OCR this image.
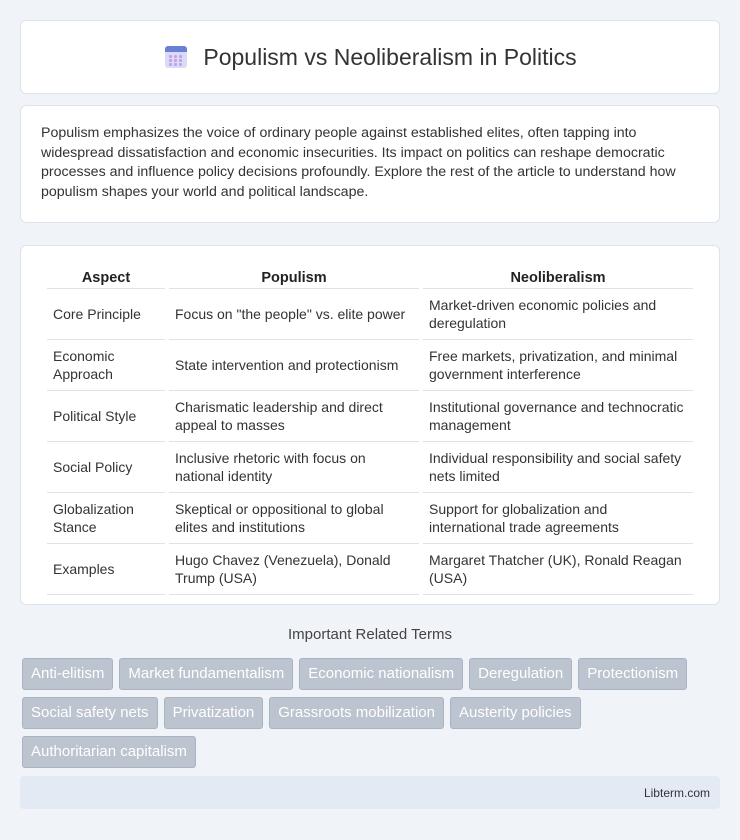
Populism vs Neoliberalism in Politics

Populism emphasizes the voice of ordinary people against established elites, often tapping into widespread dissatisfaction and economic insecurities. Its impact on politics can reshape democratic processes and influence policy decisions profoundly. Explore the rest of the article to understand how populism shapes your world and political landscape.

Aspect	Populism	Neoliberalism
Core Principle	Focus on "the people" vs. elite power	Market-driven economic policies and deregulation
Economic Approach	State intervention and protectionism	Free markets, privatization, and minimal government interference
Political Style	Charismatic leadership and direct appeal to masses	Institutional governance and technocratic management
Social Policy	Inclusive rhetoric with focus on national identity	Individual responsibility and social safety nets limited
Globalization Stance	Skeptical or oppositional to global elites and institutions	Support for globalization and international trade agreements
Examples	Hugo Chavez (Venezuela), Donald Trump (USA)	Margaret Thatcher (UK), Ronald Reagan (USA)
Important Related Terms
Anti-elitism	Market fundamentalism	Economic nationalism	Deregulation	Protectionism
Social safety nets	Privatization	Grassroots mobilization	Austerity policies
Authoritarian capitalism
Libterm.com
